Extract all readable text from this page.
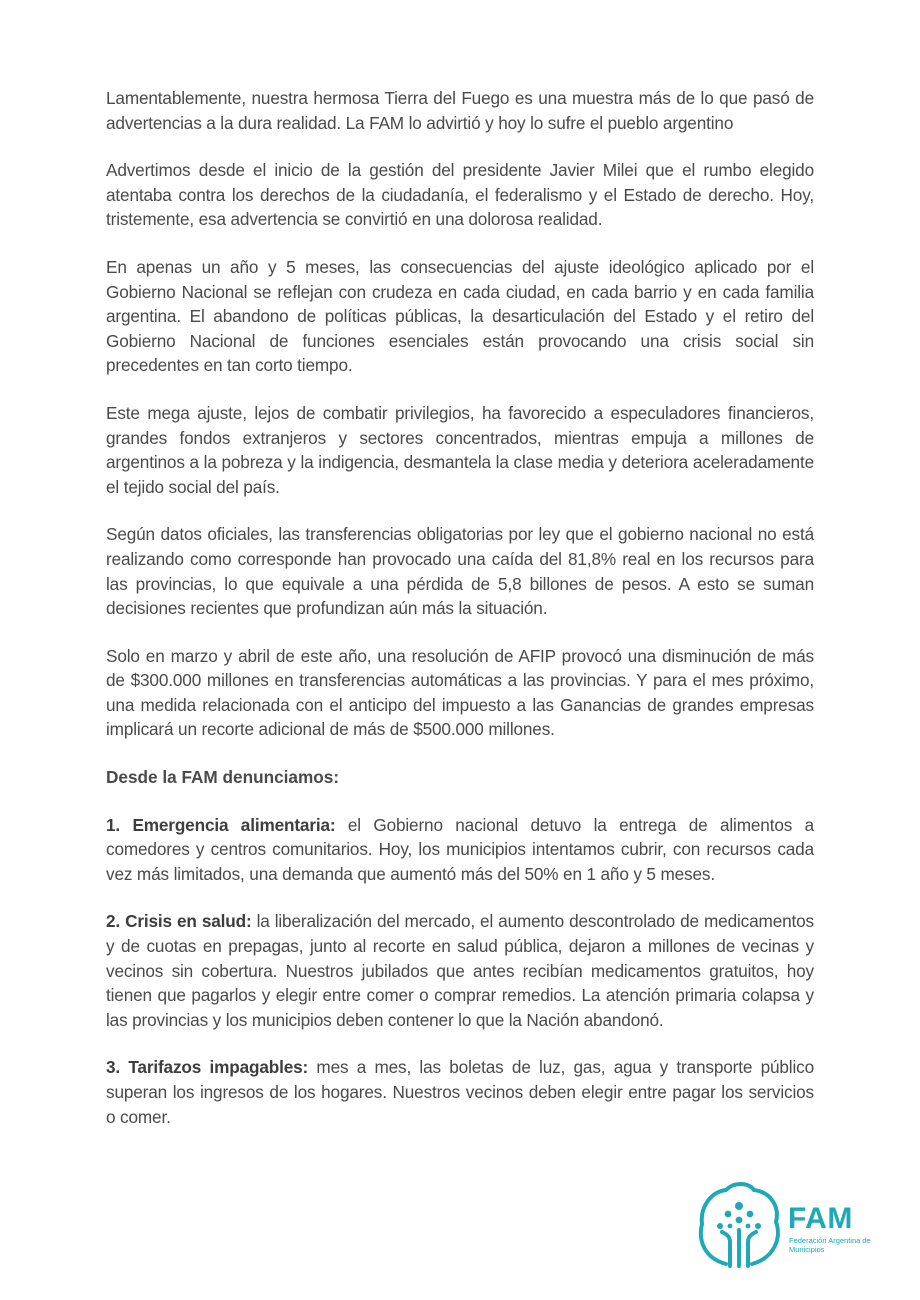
Lamentablemente, nuestra hermosa Tierra del Fuego es una muestra más de lo que pasó de advertencias a la dura realidad. La FAM lo advirtió y hoy lo sufre el pueblo argentino

Advertimos desde el inicio de la gestión del presidente Javier Milei que el rumbo elegido atentaba contra los derechos de la ciudadanía, el federalismo y el Estado de derecho. Hoy, tristemente, esa advertencia se convirtió en una dolorosa realidad.

En apenas un año y 5 meses, las consecuencias del ajuste ideológico aplicado por el Gobierno Nacional se reflejan con crudeza en cada ciudad, en cada barrio y en cada familia argentina. El abandono de políticas públicas, la desarticulación del Estado y el retiro del Gobierno Nacional de funciones esenciales están provocando una crisis social sin precedentes en tan corto tiempo.

Este mega ajuste, lejos de combatir privilegios, ha favorecido a especuladores financieros, grandes fondos extranjeros y sectores concentrados, mientras empuja a millones de argentinos a la pobreza y la indigencia, desmantela la clase media y deteriora aceleradamente el tejido social del país.

Según datos oficiales, las transferencias obligatorias por ley que el gobierno nacional no está realizando como corresponde han provocado una caída del 81,8% real en los recursos para las provincias, lo que equivale a una pérdida de 5,8 billones de pesos. A esto se suman decisiones recientes que profundizan aún más la situación.

Solo en marzo y abril de este año, una resolución de AFIP provocó una disminución de más de $300.000 millones en transferencias automáticas a las provincias. Y para el mes próximo, una medida relacionada con el anticipo del impuesto a las Ganancias de grandes empresas implicará un recorte adicional de más de $500.000 millones.

Desde la FAM denunciamos:

1. Emergencia alimentaria: el Gobierno nacional detuvo la entrega de alimentos a comedores y centros comunitarios. Hoy, los municipios intentamos cubrir, con recursos cada vez más limitados, una demanda que aumentó más del 50% en 1 año y 5 meses.

2. Crisis en salud: la liberalización del mercado, el aumento descontrolado de medicamentos y de cuotas en prepagas, junto al recorte en salud pública, dejaron a millones de vecinas y vecinos sin cobertura. Nuestros jubilados que antes recibían medicamentos gratuitos, hoy tienen que pagarlos y elegir entre comer o comprar remedios. La atención primaria colapsa y las provincias y los municipios deben contener lo que la Nación abandonó.

3. Tarifazos impagables: mes a mes, las boletas de luz, gas, agua y transporte público superan los ingresos de los hogares. Nuestros vecinos deben elegir entre pagar los servicios o comer.

FAM
Federación Argentina de Municipios
